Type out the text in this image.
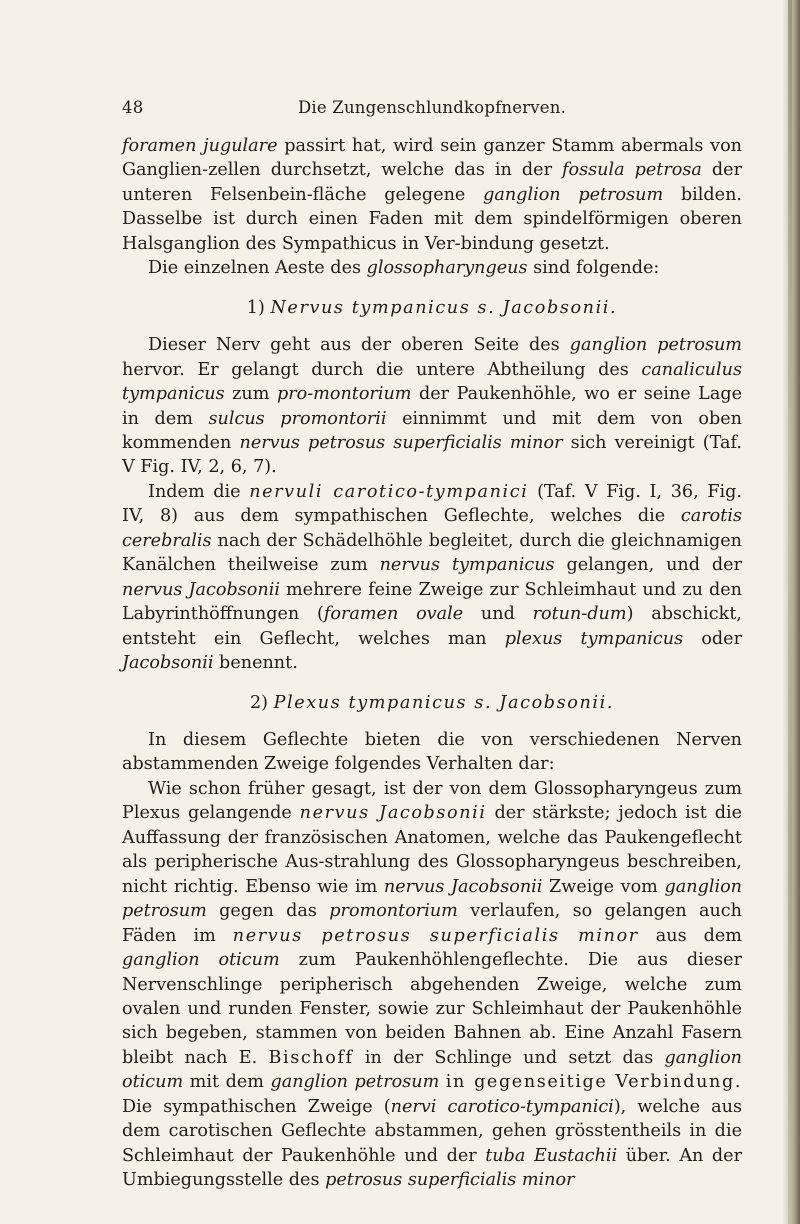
48	Die Zungenschlundkopfnerven.

foramen jugulare passirt hat, wird sein ganzer Stamm abermals von Ganglien-zellen durchsetzt, welche das in der fossula petrosa der unteren Felsenbein-fläche gelegene ganglion petrosum bilden. Dasselbe ist durch einen Faden mit dem spindelförmigen oberen Halsganglion des Sympathicus in Ver-bindung gesetzt.

Die einzelnen Aeste des glossopharyngeus sind folgende:

1) Nervus tympanicus s. Jacobsonii.

Dieser Nerv geht aus der oberen Seite des ganglion petrosum hervor. Er gelangt durch die untere Abtheilung des canaliculus tympanicus zum pro-montorium der Paukenhöhle, wo er seine Lage in dem sulcus promontorii einnimmt und mit dem von oben kommenden nervus petrosus superficialis minor sich vereinigt (Taf. V Fig. IV, 2, 6, 7).

Indem die nervuli carotico-tympanici (Taf. V Fig. I, 36, Fig. IV, 8) aus dem sympathischen Geflechte, welches die carotis cerebralis nach der Schädelhöhle begleitet, durch die gleichnamigen Kanälchen theilweise zum nervus tympanicus gelangen, und der nervus Jacobsonii mehrere feine Zweige zur Schleimhaut und zu den Labyrinthöffnungen (foramen ovale und rotun-dum) abschickt, entsteht ein Geflecht, welches man plexus tympanicus oder Jacobsonii benennt.

2) Plexus tympanicus s. Jacobsonii.

In diesem Geflechte bieten die von verschiedenen Nerven abstammenden Zweige folgendes Verhalten dar:

Wie schon früher gesagt, ist der von dem Glossopharyngeus zum Plexus gelangende nervus Jacobsonii der stärkste; jedoch ist die Auffassung der französischen Anatomen, welche das Paukengeflecht als peripherische Aus-strahlung des Glossopharyngeus beschreiben, nicht richtig. Ebenso wie im nervus Jacobsonii Zweige vom ganglion petrosum gegen das promontorium verlaufen, so gelangen auch Fäden im nervus petrosus superficialis minor aus dem ganglion oticum zum Paukenhöhlengeflechte. Die aus dieser Nervenschlinge peripherisch abgehenden Zweige, welche zum ovalen und runden Fenster, sowie zur Schleimhaut der Paukenhöhle sich begeben, stammen von beiden Bahnen ab. Eine Anzahl Fasern bleibt nach E. Bischoff in der Schlinge und setzt das ganglion oticum mit dem ganglion petrosum in gegenseitige Verbindung. Die sympathischen Zweige (nervi carotico-tympanici), welche aus dem carotischen Geflechte abstammen, gehen grösstentheils in die Schleimhaut der Paukenhöhle und der tuba Eustachii über. An der Umbiegungsstelle des petrosus superficialis minor
